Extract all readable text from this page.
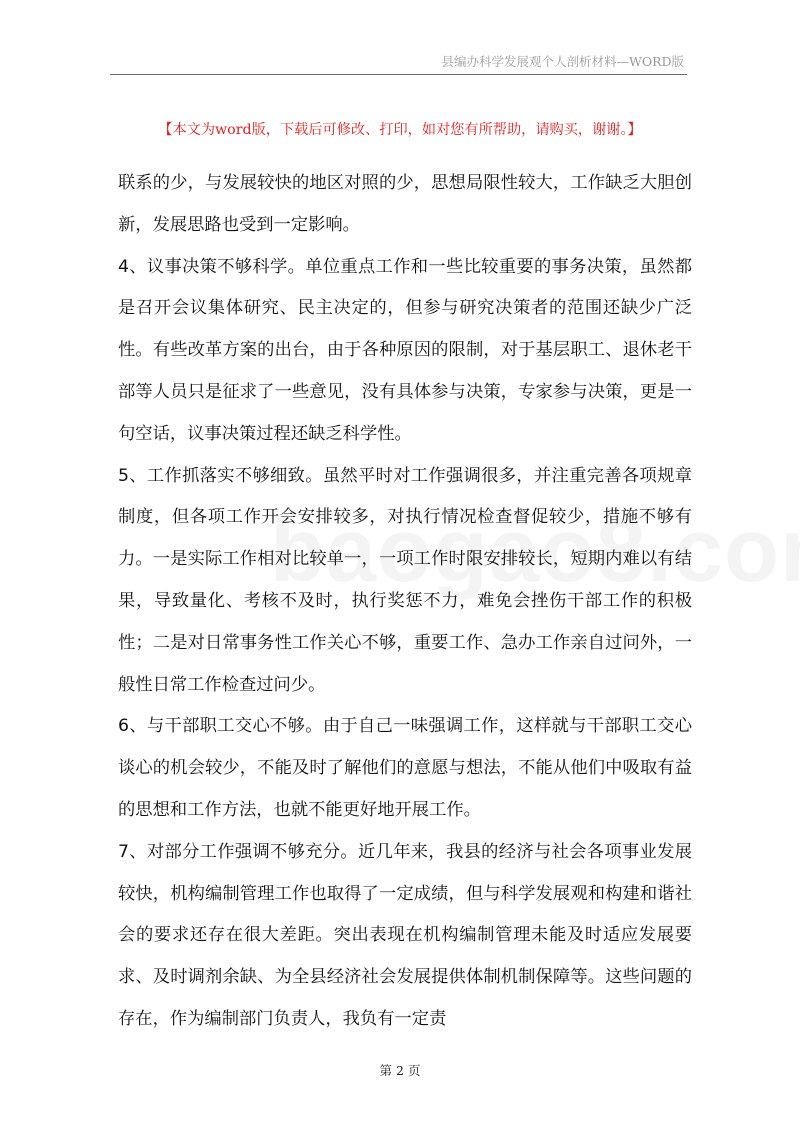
县编办科学发展观个人剖析材料—WORD版
【本文为word版，下载后可修改、打印，如对您有所帮助，请购买，谢谢。】

联系的少，与发展较快的地区对照的少，思想局限性较大，工作缺乏大胆创新，发展思路也受到一定影响。

4、议事决策不够科学。单位重点工作和一些比较重要的事务决策，虽然都是召开会议集体研究、民主决定的，但参与研究决策者的范围还缺少广泛性。有些改革方案的出台，由于各种原因的限制，对于基层职工、退休老干部等人员只是征求了一些意见，没有具体参与决策，专家参与决策，更是一句空话，议事决策过程还缺乏科学性。

5、工作抓落实不够细致。虽然平时对工作强调很多，并注重完善各项规章制度，但各项工作开会安排较多，对执行情况检查督促较少，措施不够有力。一是实际工作相对比较单一，一项工作时限安排较长，短期内难以有结果，导致量化、考核不及时，执行奖惩不力，难免会挫伤干部工作的积极性；二是对日常事务性工作关心不够，重要工作、急办工作亲自过问外，一般性日常工作检查过问少。

6、与干部职工交心不够。由于自己一味强调工作，这样就与干部职工交心谈心的机会较少，不能及时了解他们的意愿与想法，不能从他们中吸取有益的思想和工作方法，也就不能更好地开展工作。

7、对部分工作强调不够充分。近几年来，我县的经济与社会各项事业发展较快，机构编制管理工作也取得了一定成绩，但与科学发展观和构建和谐社会的要求还存在很大差距。突出表现在机构编制管理未能及时适应发展要求、及时调剂余缺、为全县经济社会发展提供体制机制保障等。这些问题的存在，作为编制部门负责人，我负有一定责

第 2 页
